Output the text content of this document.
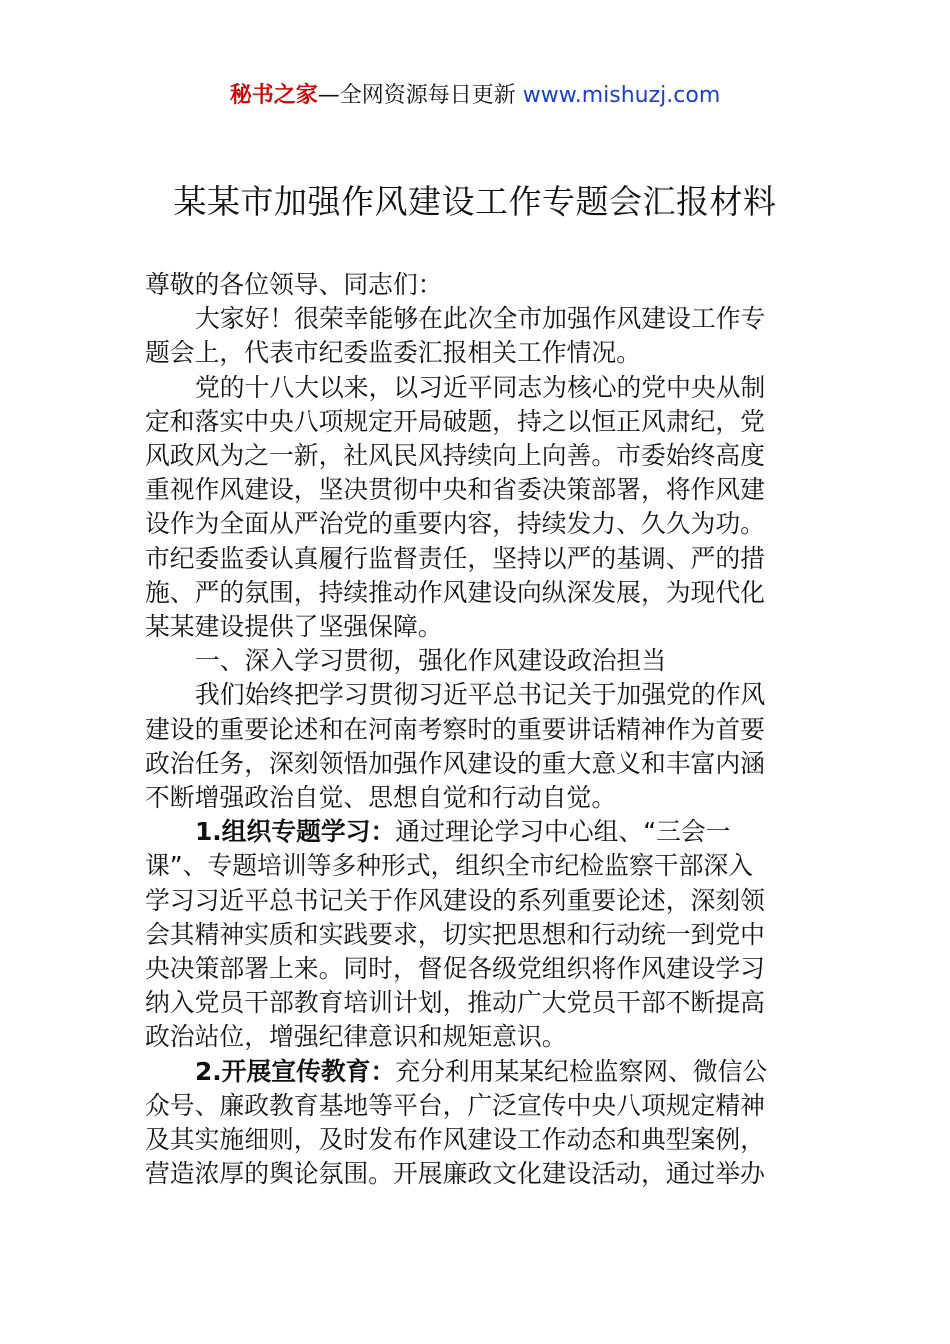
秘书之家—全网资源每日更新 www.mishuzj.com
某某市加强作风建设工作专题会汇报材料

尊敬的各位领导、同志们：

大家好！很荣幸能够在此次全市加强作风建设工作专

题会上，代表市纪委监委汇报相关工作情况。

党的十八大以来，以习近平同志为核心的党中央从制

定和落实中央八项规定开局破题，持之以恒正风肃纪，党

风政风为之一新，社风民风持续向上向善。市委始终高度

重视作风建设，坚决贯彻中央和省委决策部署，将作风建

设作为全面从严治党的重要内容，持续发力、久久为功。

市纪委监委认真履行监督责任，坚持以严的基调、严的措

施、严的氛围，持续推动作风建设向纵深发展，为现代化

某某建设提供了坚强保障。

一、深入学习贯彻，强化作风建设政治担当

我们始终把学习贯彻习近平总书记关于加强党的作风

建设的重要论述和在河南考察时的重要讲话精神作为首要

政治任务，深刻领悟加强作风建设的重大意义和丰富内涵

不断增强政治自觉、思想自觉和行动自觉。

1.组织专题学习：通过理论学习中心组、“三会一

课”、专题培训等多种形式，组织全市纪检监察干部深入

学习习近平总书记关于作风建设的系列重要论述，深刻领

会其精神实质和实践要求，切实把思想和行动统一到党中

央决策部署上来。同时，督促各级党组织将作风建设学习

纳入党员干部教育培训计划，推动广大党员干部不断提高

政治站位，增强纪律意识和规矩意识。

2.开展宣传教育：充分利用某某纪检监察网、微信公

众号、廉政教育基地等平台，广泛宣传中央八项规定精神

及其实施细则，及时发布作风建设工作动态和典型案例，

营造浓厚的舆论氛围。开展廉政文化建设活动，通过举办
